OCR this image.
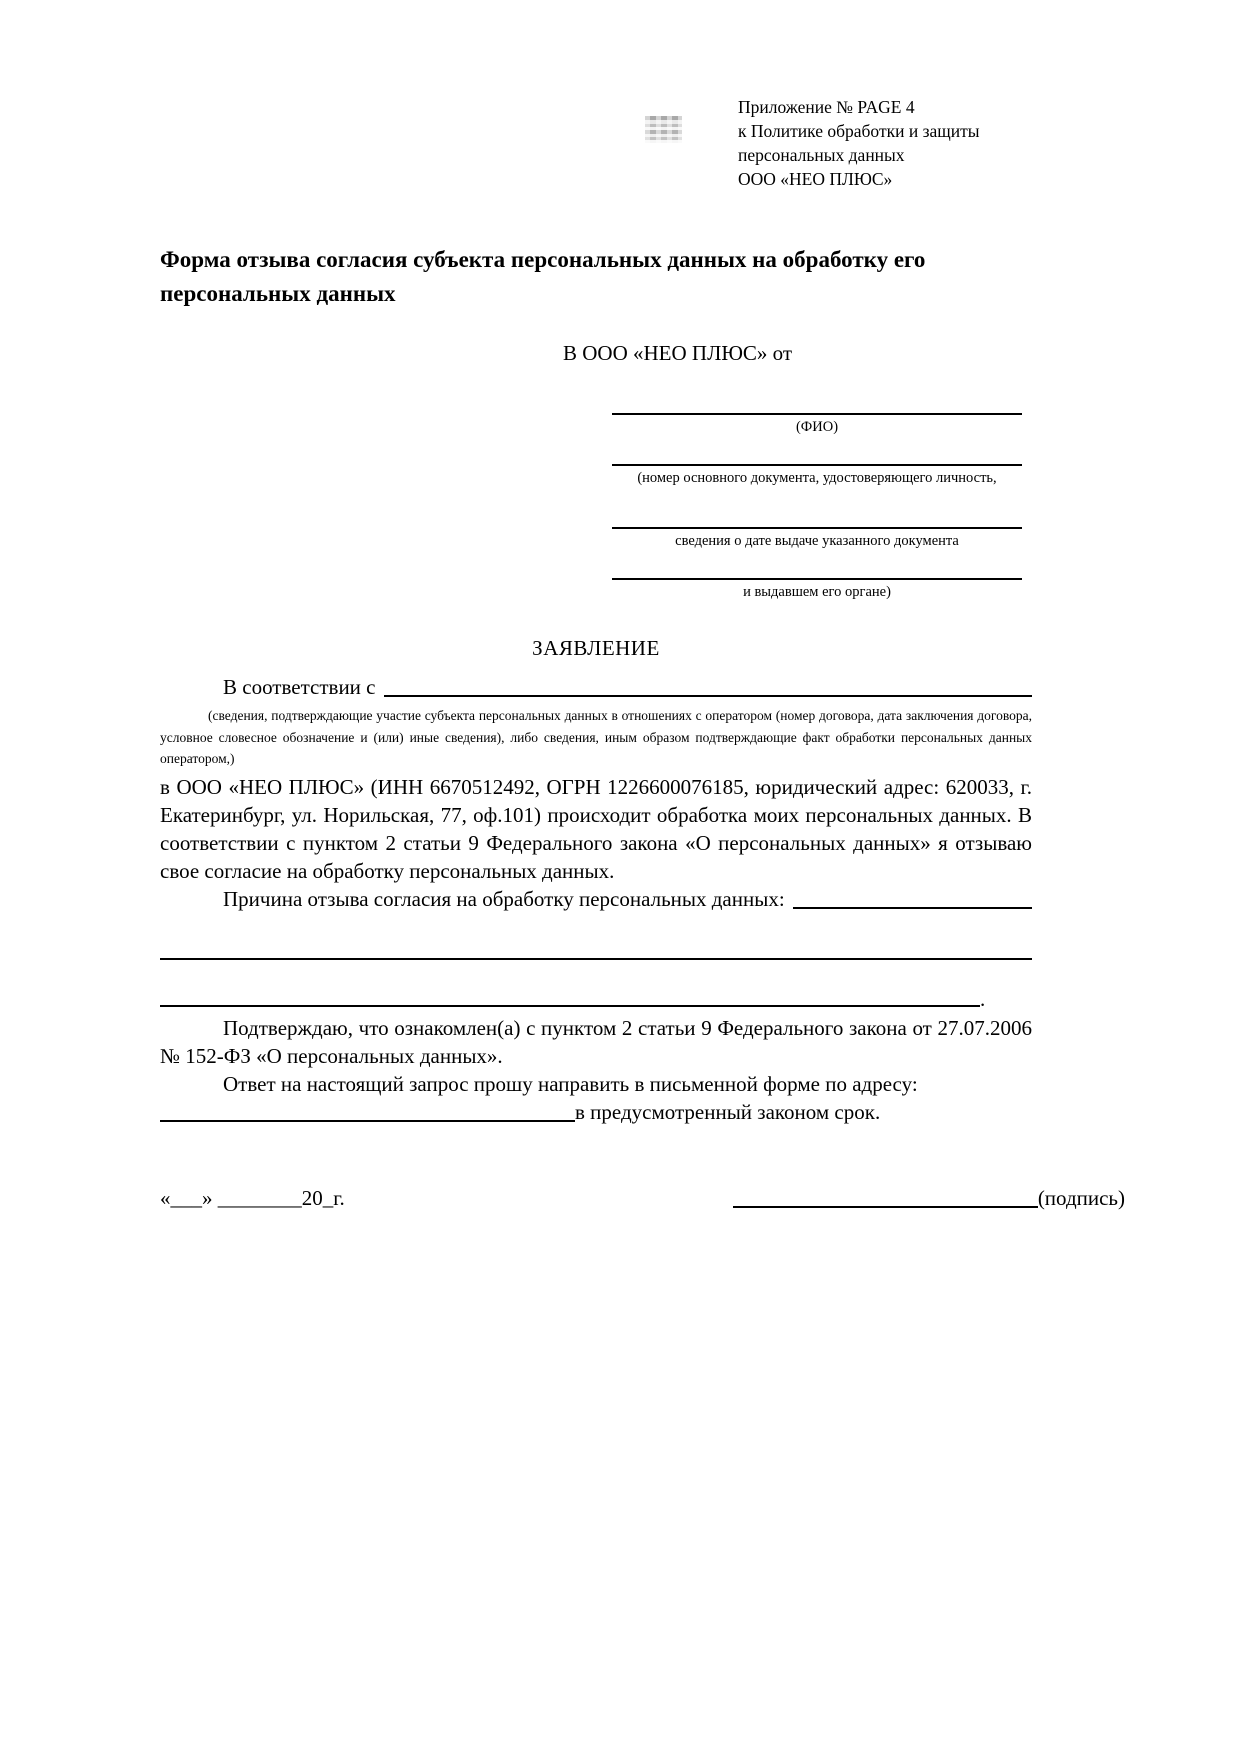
Приложение № PAGE 4
к Политике обработки и защиты
персональных данных
ООО «НЕО ПЛЮС»
Форма отзыва согласия субъекта персональных данных на обработку его персональных данных
В ООО «НЕО ПЛЮС» от
(ФИО)
(номер основного документа, удостоверяющего личность,
сведения о дате выдаче указанного документа
и выдавшем его органе)
ЗАЯВЛЕНИЕ
В соответствии с
(сведения, подтверждающие участие субъекта персональных данных в отношениях с оператором (номер договора, дата заключения договора, условное словесное обозначение и (или) иные сведения), либо сведения, иным образом подтверждающие факт обработки персональных данных оператором,)
в ООО «НЕО ПЛЮС» (ИНН 6670512492, ОГРН 1226600076185, юридический адрес: 620033, г. Екатеринбург, ул. Норильская, 77, оф.101) происходит обработка моих персональных данных. В соответствии с пунктом 2 статьи 9 Федерального закона «О персональных данных» я отзываю свое согласие на обработку персональных данных.
Причина отзыва согласия на обработку персональных данных:
.
Подтверждаю, что ознакомлен(а) с пунктом 2 статьи 9 Федерального закона от 27.07.2006 № 152-ФЗ «О персональных данных».
Ответ на настоящий запрос прошу направить в письменной форме по адресу:
в предусмотренный законом срок.
«___» ________20_г.	(подпись)
